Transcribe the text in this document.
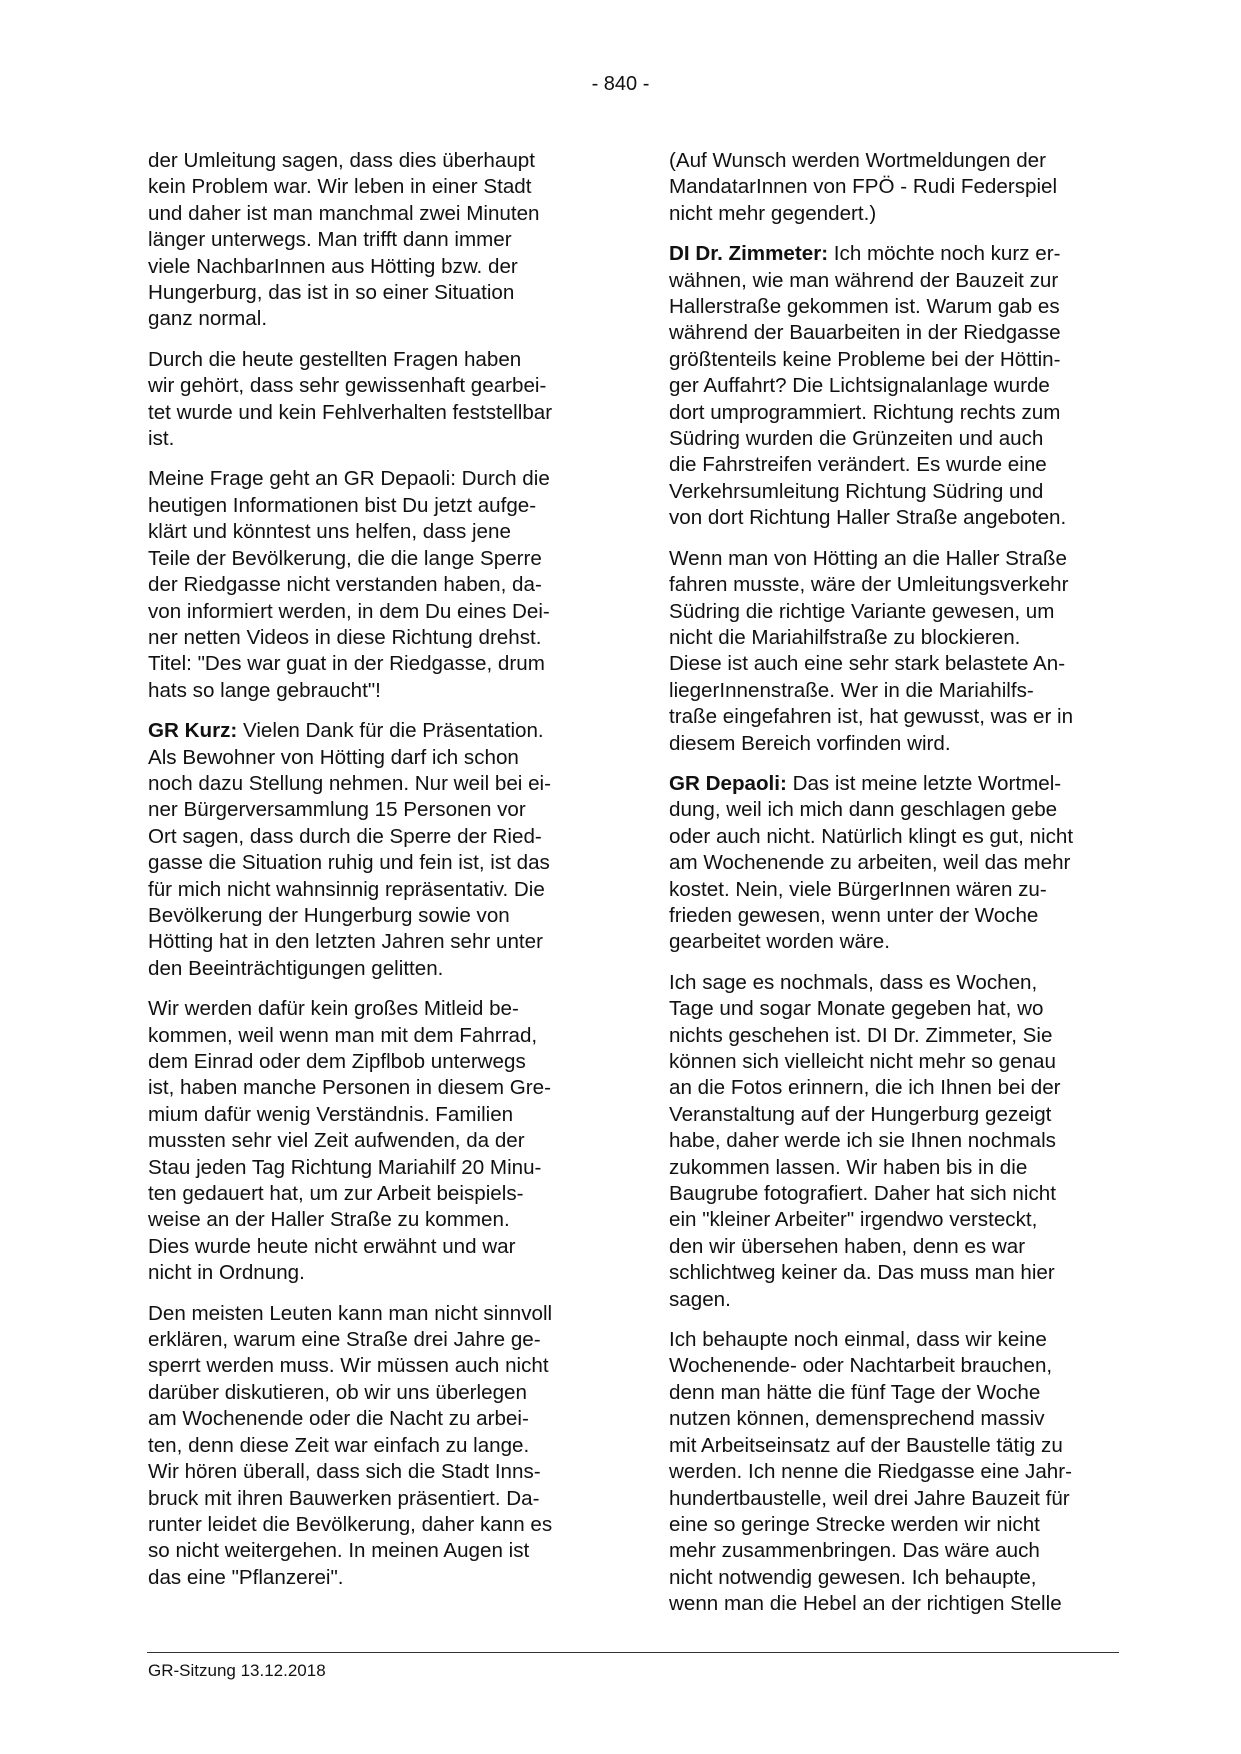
- 840 -

der Umleitung sagen, dass dies überhaupt
kein Problem war. Wir leben in einer Stadt
und daher ist man manchmal zwei Minuten
länger unterwegs. Man trifft dann immer
viele NachbarInnen aus Hötting bzw. der
Hungerburg, das ist in so einer Situation
ganz normal.

Durch die heute gestellten Fragen haben
wir gehört, dass sehr gewissenhaft gearbei-
tet wurde und kein Fehlverhalten feststellbar
ist.

Meine Frage geht an GR Depaoli: Durch die
heutigen Informationen bist Du jetzt aufge-
klärt und könntest uns helfen, dass jene
Teile der Bevölkerung, die die lange Sperre
der Riedgasse nicht verstanden haben, da-
von informiert werden, in dem Du eines Dei-
ner netten Videos in diese Richtung drehst.
Titel: "Des war guat in der Riedgasse, drum
hats so lange gebraucht"!

GR Kurz: Vielen Dank für die Präsentation.
Als Bewohner von Hötting darf ich schon
noch dazu Stellung nehmen. Nur weil bei ei-
ner Bürgerversammlung 15 Personen vor
Ort sagen, dass durch die Sperre der Ried-
gasse die Situation ruhig und fein ist, ist das
für mich nicht wahnsinnig repräsentativ. Die
Bevölkerung der Hungerburg sowie von
Hötting hat in den letzten Jahren sehr unter
den Beeinträchtigungen gelitten.

Wir werden dafür kein großes Mitleid be-
kommen, weil wenn man mit dem Fahrrad,
dem Einrad oder dem Zipflbob unterwegs
ist, haben manche Personen in diesem Gre-
mium dafür wenig Verständnis. Familien
mussten sehr viel Zeit aufwenden, da der
Stau jeden Tag Richtung Mariahilf 20 Minu-
ten gedauert hat, um zur Arbeit beispiels-
weise an der Haller Straße zu kommen.
Dies wurde heute nicht erwähnt und war
nicht in Ordnung.

Den meisten Leuten kann man nicht sinnvoll
erklären, warum eine Straße drei Jahre ge-
sperrt werden muss. Wir müssen auch nicht
darüber diskutieren, ob wir uns überlegen
am Wochenende oder die Nacht zu arbei-
ten, denn diese Zeit war einfach zu lange.
Wir hören überall, dass sich die Stadt Inns-
bruck mit ihren Bauwerken präsentiert. Da-
runter leidet die Bevölkerung, daher kann es
so nicht weitergehen. In meinen Augen ist
das eine "Pflanzerei".

(Auf Wunsch werden Wortmeldungen der
MandatarInnen von FPÖ - Rudi Federspiel
nicht mehr gegendert.)

DI Dr. Zimmeter: Ich möchte noch kurz er-
wähnen, wie man während der Bauzeit zur
Hallerstraße gekommen ist. Warum gab es
während der Bauarbeiten in der Riedgasse
größtenteils keine Probleme bei der Höttin-
ger Auffahrt? Die Lichtsignalanlage wurde
dort umprogrammiert. Richtung rechts zum
Südring wurden die Grünzeiten und auch
die Fahrstreifen verändert. Es wurde eine
Verkehrsumleitung Richtung Südring und
von dort Richtung Haller Straße angeboten.

Wenn man von Hötting an die Haller Straße
fahren musste, wäre der Umleitungsverkehr
Südring die richtige Variante gewesen, um
nicht die Mariahilfstraße zu blockieren.
Diese ist auch eine sehr stark belastete An-
liegerInnenstraße. Wer in die Mariahilfs-
traße eingefahren ist, hat gewusst, was er in
diesem Bereich vorfinden wird.

GR Depaoli: Das ist meine letzte Wortmel-
dung, weil ich mich dann geschlagen gebe
oder auch nicht. Natürlich klingt es gut, nicht
am Wochenende zu arbeiten, weil das mehr
kostet. Nein, viele BürgerInnen wären zu-
frieden gewesen, wenn unter der Woche
gearbeitet worden wäre.

Ich sage es nochmals, dass es Wochen,
Tage und sogar Monate gegeben hat, wo
nichts geschehen ist. DI Dr. Zimmeter, Sie
können sich vielleicht nicht mehr so genau
an die Fotos erinnern, die ich Ihnen bei der
Veranstaltung auf der Hungerburg gezeigt
habe, daher werde ich sie Ihnen nochmals
zukommen lassen. Wir haben bis in die
Baugrube fotografiert. Daher hat sich nicht
ein "kleiner Arbeiter" irgendwo versteckt,
den wir übersehen haben, denn es war
schlichtweg keiner da. Das muss man hier
sagen.

Ich behaupte noch einmal, dass wir keine
Wochenende- oder Nachtarbeit brauchen,
denn man hätte die fünf Tage der Woche
nutzen können, demensprechend massiv
mit Arbeitseinsatz auf der Baustelle tätig zu
werden. Ich nenne die Riedgasse eine Jahr-
hundertbaustelle, weil drei Jahre Bauzeit für
eine so geringe Strecke werden wir nicht
mehr zusammenbringen. Das wäre auch
nicht notwendig gewesen. Ich behaupte,
wenn man die Hebel an der richtigen Stelle

GR-Sitzung 13.12.2018
